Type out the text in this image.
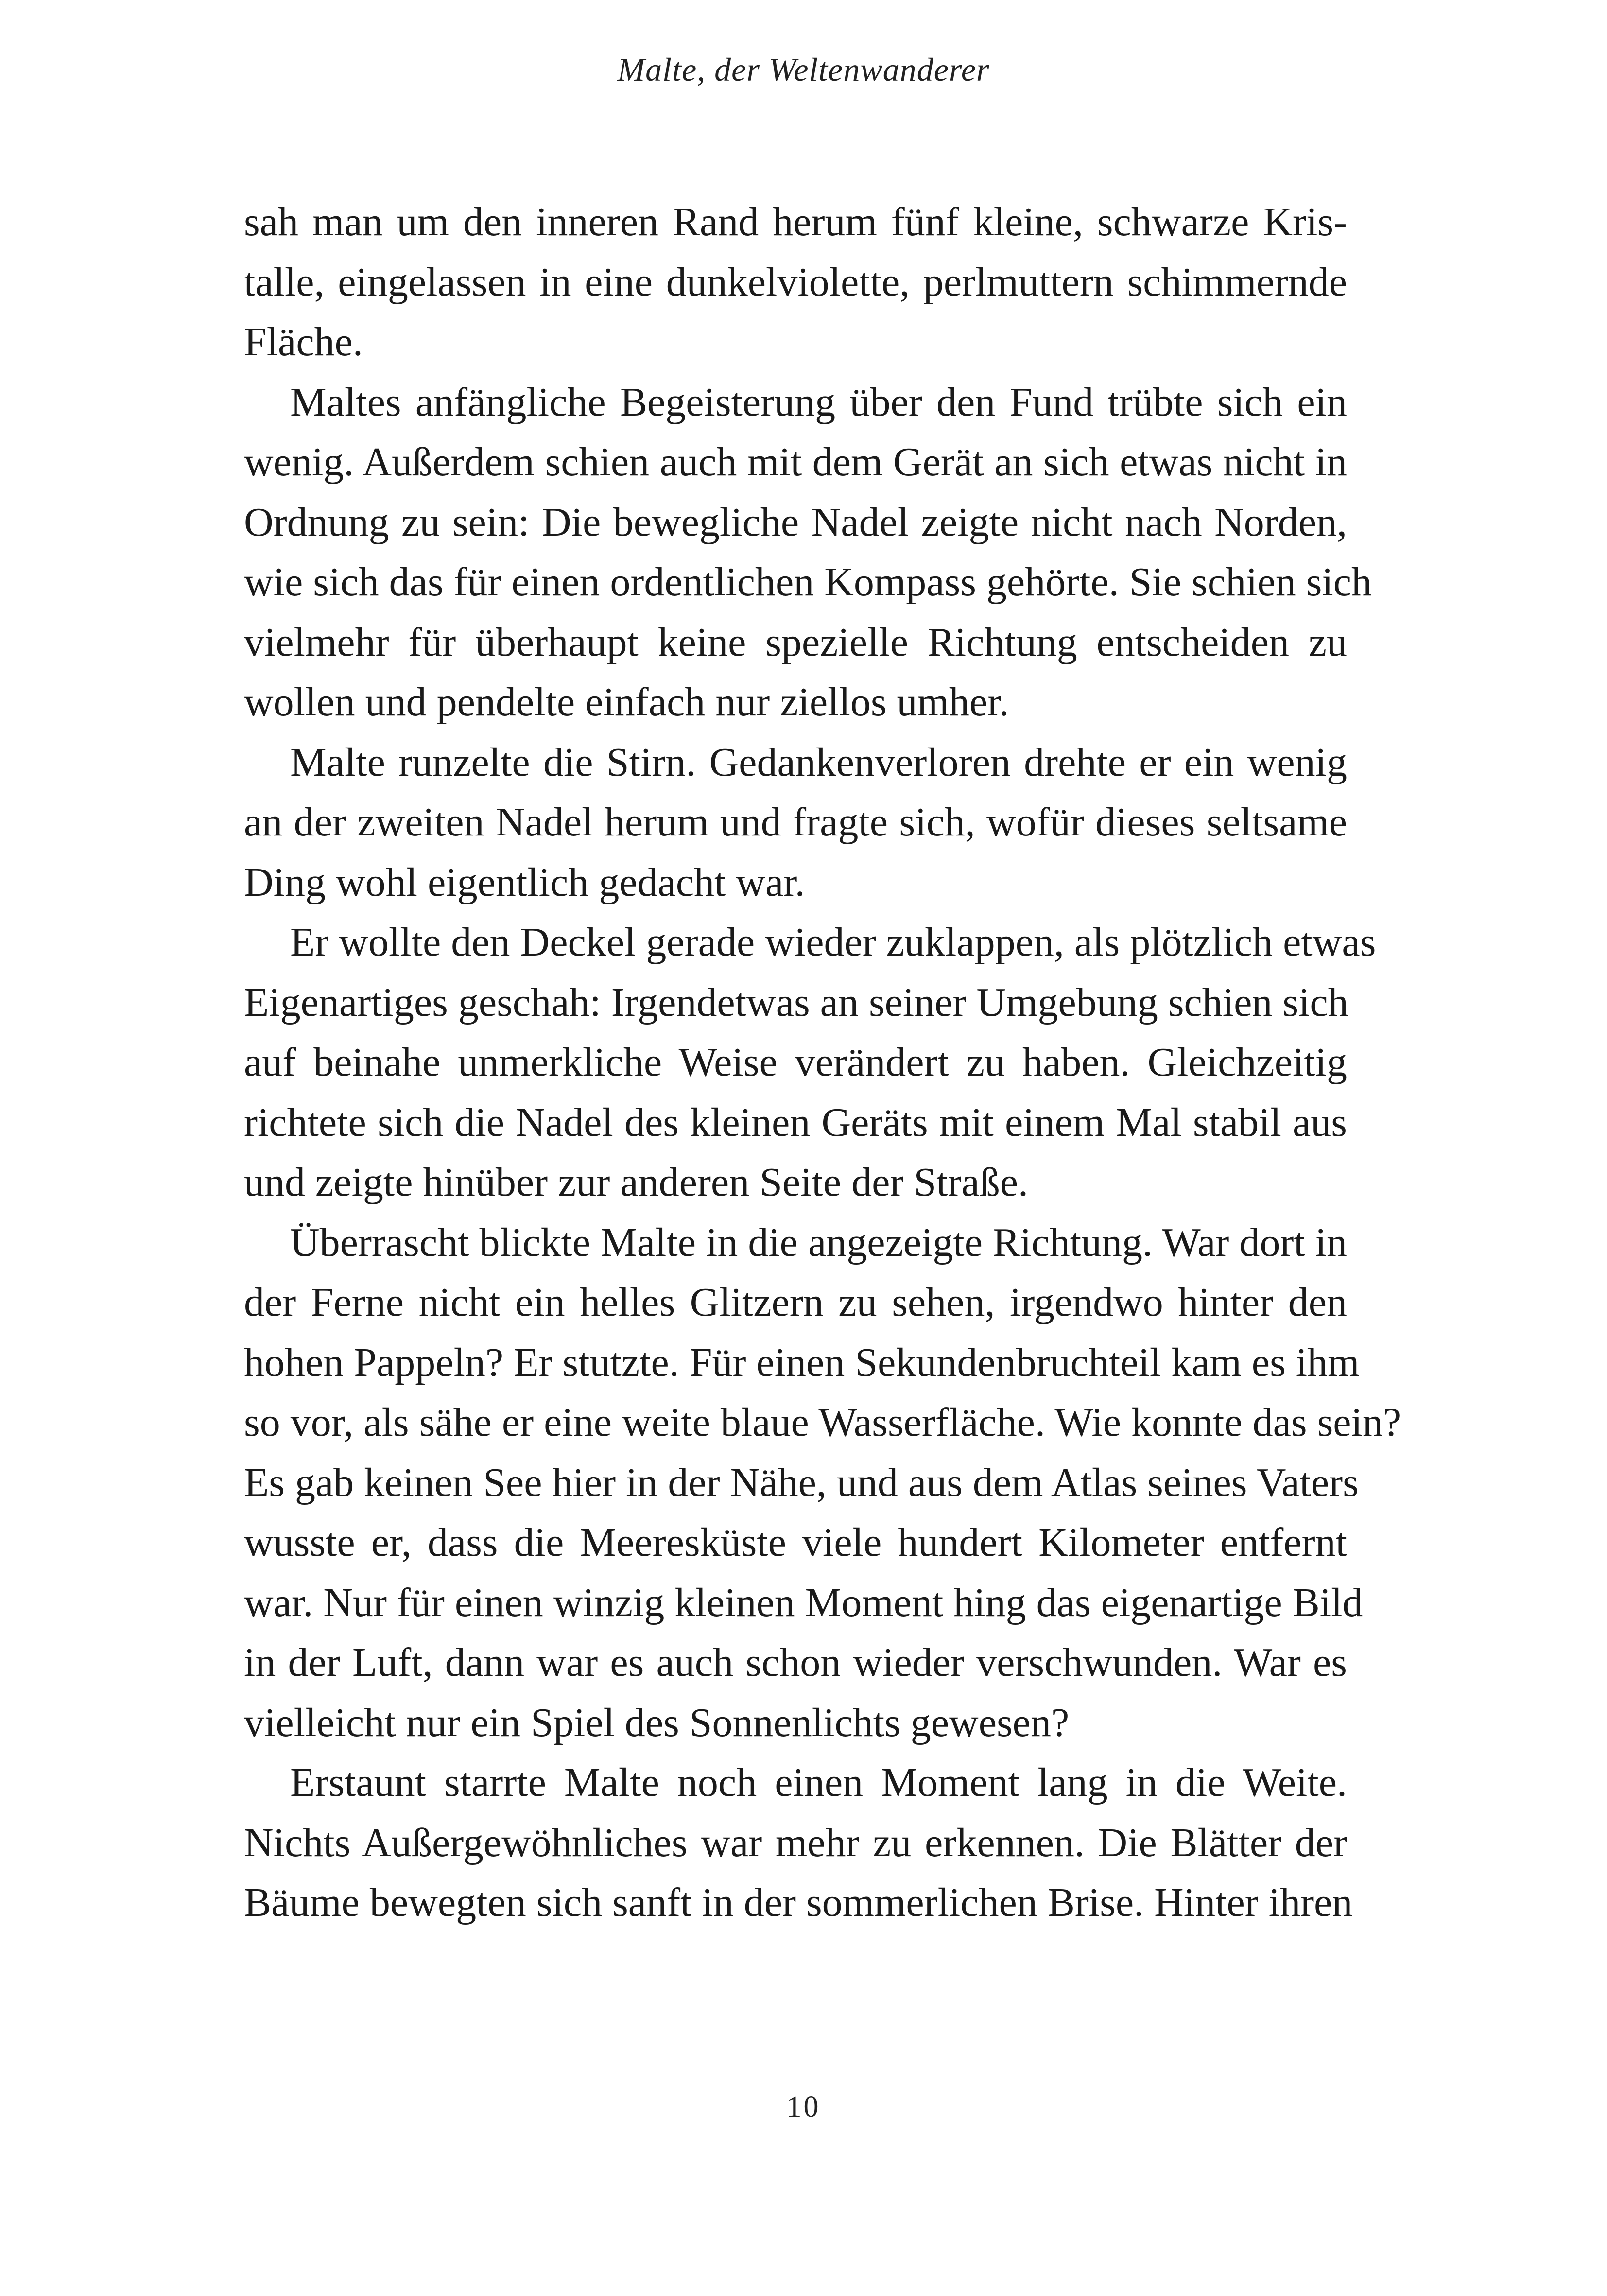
Malte, der Weltenwanderer
sah man um den inneren Rand herum fünf kleine, schwarze Kris-
talle, eingelassen in eine dunkelviolette, perlmuttern schimmernde
Fläche.
Maltes anfängliche Begeisterung über den Fund trübte sich ein
wenig. Außerdem schien auch mit dem Gerät an sich etwas nicht in
Ordnung zu sein: Die bewegliche Nadel zeigte nicht nach Norden,
wie sich das für einen ordentlichen Kompass gehörte. Sie schien sich
vielmehr für überhaupt keine spezielle Richtung entscheiden zu
wollen und pendelte einfach nur ziellos umher.
Malte runzelte die Stirn. Gedankenverloren drehte er ein wenig
an der zweiten Nadel herum und fragte sich, wofür dieses seltsame
Ding wohl eigentlich gedacht war.
Er wollte den Deckel gerade wieder zuklappen, als plötzlich etwas
Eigenartiges geschah: Irgendetwas an seiner Umgebung schien sich
auf beinahe unmerkliche Weise verändert zu haben. Gleichzeitig
richtete sich die Nadel des kleinen Geräts mit einem Mal stabil aus
und zeigte hinüber zur anderen Seite der Straße.
Überrascht blickte Malte in die angezeigte Richtung. War dort in
der Ferne nicht ein helles Glitzern zu sehen, irgendwo hinter den
hohen Pappeln? Er stutzte. Für einen Sekundenbruchteil kam es ihm
so vor, als sähe er eine weite blaue Wasserfläche. Wie konnte das sein?
Es gab keinen See hier in der Nähe, und aus dem Atlas seines Vaters
wusste er, dass die Meeresküste viele hundert Kilometer entfernt
war. Nur für einen winzig kleinen Moment hing das eigenartige Bild
in der Luft, dann war es auch schon wieder verschwunden. War es
vielleicht nur ein Spiel des Sonnenlichts gewesen?
Erstaunt starrte Malte noch einen Moment lang in die Weite.
Nichts Außergewöhnliches war mehr zu erkennen. Die Blätter der
Bäume bewegten sich sanft in der sommerlichen Brise. Hinter ihren
10
